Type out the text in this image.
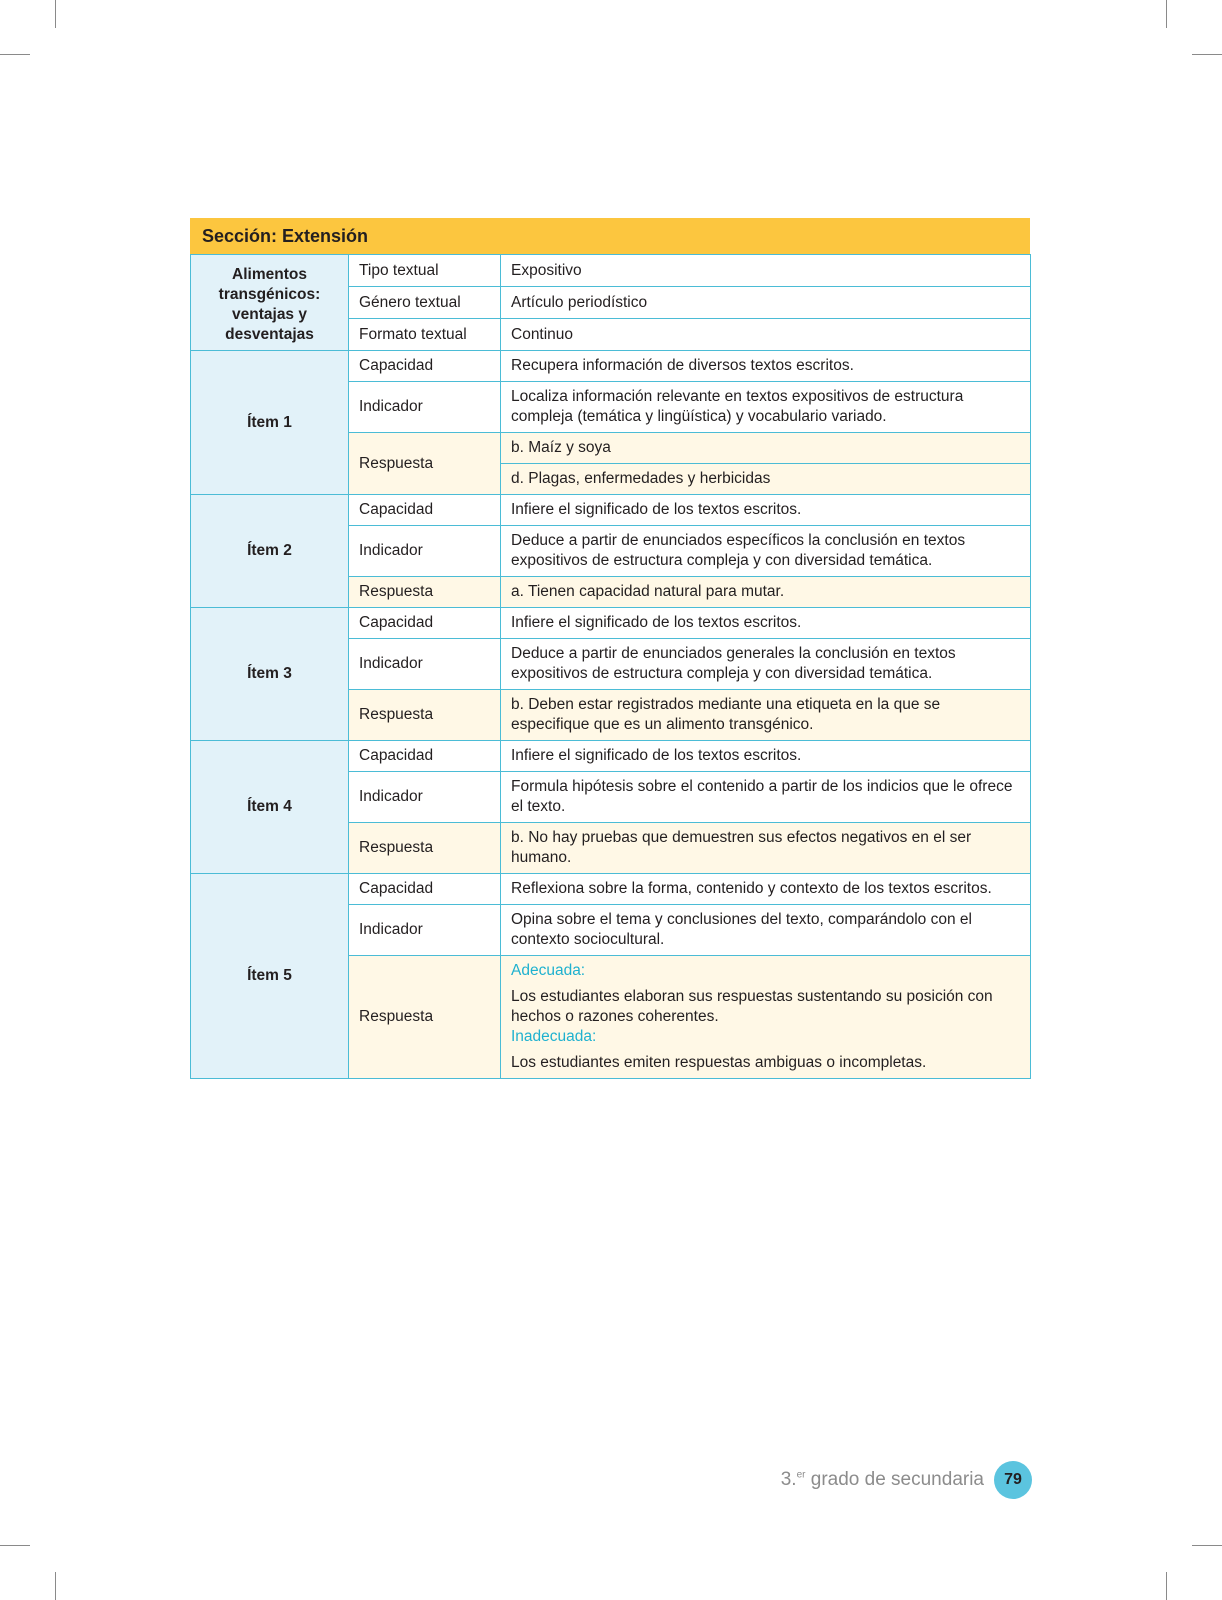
Sección: Extensión
Alimentos transgénicos: ventajas y desventajas	Tipo textual	Expositivo
	Género textual	Artículo periodístico
	Formato textual	Continuo
Ítem 1	Capacidad	Recupera información de diversos textos escritos.
	Indicador	Localiza información relevante en textos expositivos de estructura compleja (temática y lingüística) y vocabulario variado.
	Respuesta	b. Maíz y soya
		d. Plagas, enfermedades y herbicidas
Ítem 2	Capacidad	Infiere el significado de los textos escritos.
	Indicador	Deduce a partir de enunciados específicos la conclusión en textos expositivos de estructura compleja y con diversidad temática.
	Respuesta	a. Tienen capacidad natural para mutar.
Ítem 3	Capacidad	Infiere el significado de los textos escritos.
	Indicador	Deduce a partir de enunciados generales la conclusión en textos expositivos de estructura compleja y con diversidad temática.
	Respuesta	b. Deben estar registrados mediante una etiqueta en la que se especifique que es un alimento transgénico.
Ítem 4	Capacidad	Infiere el significado de los textos escritos.
	Indicador	Formula hipótesis sobre el contenido a partir de los indicios que le ofrece el texto.
	Respuesta	b. No hay pruebas que demuestren sus efectos negativos en el ser humano.
Ítem 5	Capacidad	Reflexiona sobre la forma, contenido y contexto de los textos escritos.
	Indicador	Opina sobre el tema y conclusiones del texto, comparándolo con el contexto sociocultural.
	Respuesta	Adecuada:

Los estudiantes elaboran sus respuestas sustentando su posición con hechos o razones coherentes.

Inadecuada:

Los estudiantes emiten respuestas ambiguas o incompletas.

3.$^{er}$ grado de secundaria	79
